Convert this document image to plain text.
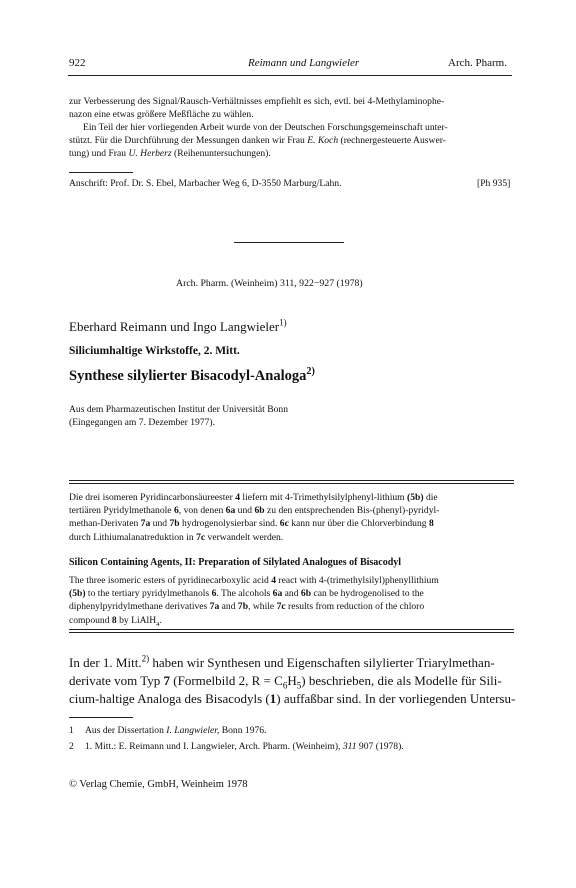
922	Reimann und Langwieler	Arch. Pharm.
zur Verbesserung des Signal/Rausch-Verhältnisses empfiehlt es sich, evtl. bei 4-Methylaminophe-
nazon eine etwas größere Meßfläche zu wählen.
Ein Teil der hier vorliegenden Arbeit wurde von der Deutschen Forschungsgemeinschaft unter-
stützt. Für die Durchführung der Messungen danken wir Frau E. Koch (rechnergesteuerte Auswer-
tung) und Frau U. Herberz (Reihenuntersuchungen).
Anschrift: Prof. Dr. S. Ebel, Marbacher Weg 6, D-3550 Marburg/Lahn.	[Ph 935]
Arch. Pharm. (Weinheim) 311, 922−927 (1978)
Eberhard Reimann und Ingo Langwieler$^{1)}$
Siliciumhaltige Wirkstoffe, 2. Mitt.
Synthese silylierter Bisacodyl-Analoga$^{2)}$
Aus dem Pharmazeutischen Institut der Universität Bonn
(Eingegangen am 7. Dezember 1977).
Die drei isomeren Pyridincarbonsäureester 4 liefern mit 4-Trimethylsilylphenyl-lithium (5b) die
tertiären Pyridylmethanole 6, von denen 6a und 6b zu den entsprechenden Bis-(phenyl)-pyridyl-
methan-Derivaten 7a und 7b hydrogenolysierbar sind. 6c kann nur über die Chlorverbindung 8
durch Lithiumalanatreduktion in 7c verwandelt werden.
Silicon Containing Agents, II: Preparation of Silylated Analogues of Bisacodyl
The three isomeric esters of pyridinecarboxylic acid 4 react with 4-(trimethylsilyl)phenyllithium
(5b) to the tertiary pyridylmethanols 6. The alcohols 6a and 6b can be hydrogenolised to the
diphenylpyridylmethane derivatives 7a and 7b, while 7c results from reduction of the chloro
compound 8 by LiAlH$_4$.
In der 1. Mitt.$^{2)}$ haben wir Synthesen und Eigenschaften silylierter Triarylmethan-
derivate vom Typ 7 (Formelbild 2, $R = C_6H_5$) beschrieben, die als Modelle für Sili-
cium-haltige Analoga des Bisacodyls (1) auffaßbar sind. In der vorliegenden Untersu-
1 Aus der Dissertation I. Langwieler, Bonn 1976.
2 1. Mitt.: E. Reimann und I. Langwieler, Arch. Pharm. (Weinheim), 311 907 (1978).
© Verlag Chemie, GmbH, Weinheim 1978
